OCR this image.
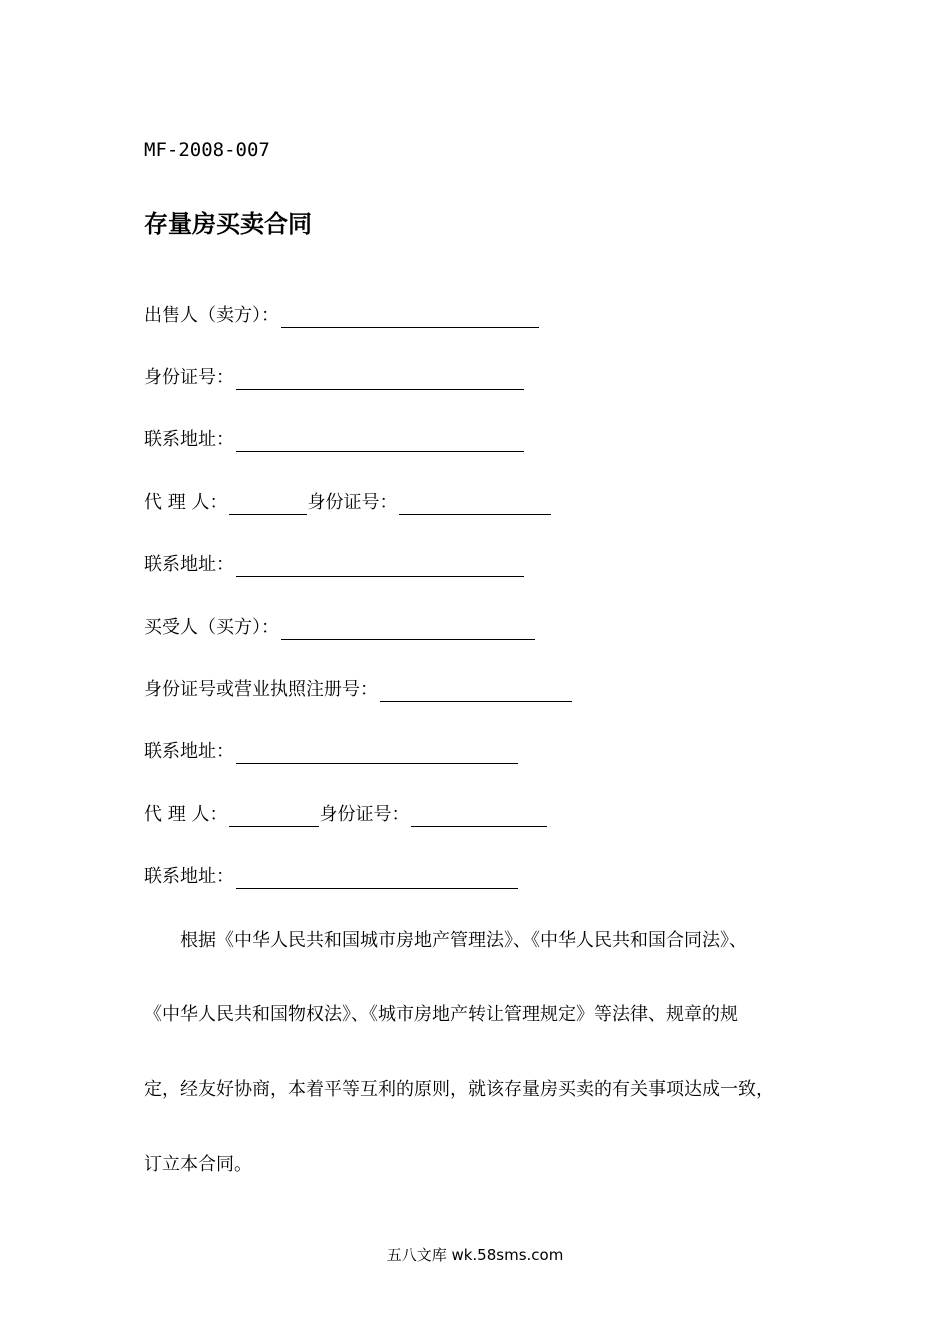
MF-2008-007
存量房买卖合同
出售人（卖方）：
身份证号：
联系地址：
代 理 人：	身份证号：
联系地址：
买受人（买方）：
身份证号或营业执照注册号：
联系地址：
代 理 人：	身份证号：
联系地址：
根据《中华人民共和国城市房地产管理法》、《中华人民共和国合同法》、
《中华人民共和国物权法》、《城市房地产转让管理规定》等法律、规章的规
定，经友好协商，本着平等互利的原则，就该存量房买卖的有关事项达成一致，
订立本合同。
五八文库 wk.58sms.com
